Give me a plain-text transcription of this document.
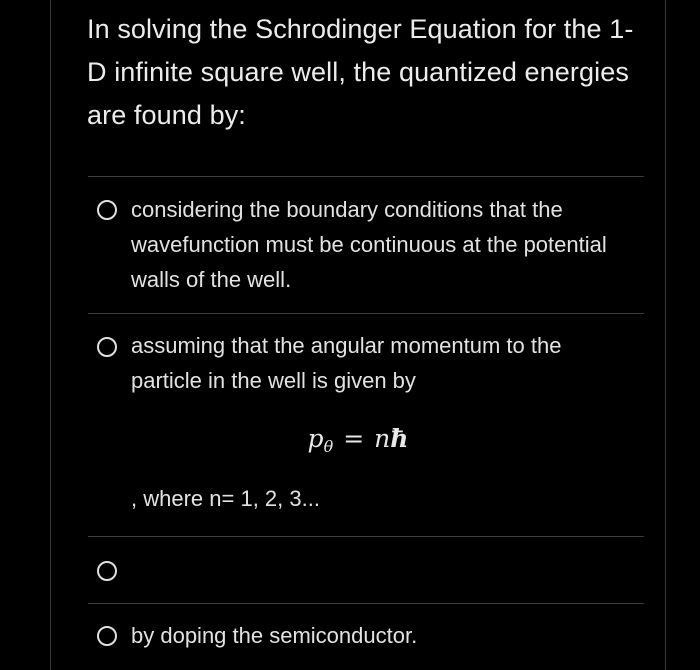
In solving the Schrodinger Equation for the 1-D infinite square well, the quantized energies are found by:
considering the boundary conditions that the wavefunction must be continuous at the potential walls of the well.
assuming that the angular momentum to the particle in the well is given by
$p_\theta$ = nħ
, where n= 1, 2, 3...
by doping the semiconductor.
